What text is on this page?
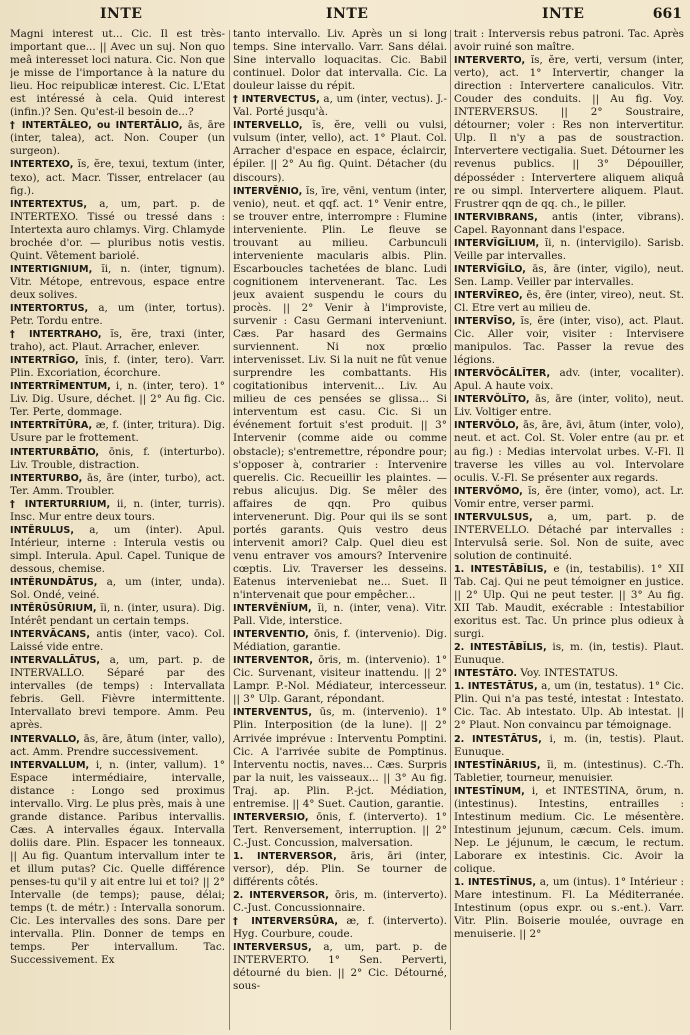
INTE	INTE	INTE	661

Magni interest ut... Cic. Il est très-important que... || Avec un suj. Non quo meâ interesset loci natura. Cic. Non que je misse de l'importance à la nature du lieu. Hoc reipublicæ interest. Cic. L'Etat est intéressé à cela. Quid interest (infin.)? Sen. Qu'est-il besoin de...?

† INTERTĀLEO, ou INTERTĀLIO, ās, āre (inter, talea), act. Non. Couper (un surgeon).

INTERTEXO, ĭs, ĕre, texui, textum (inter, texo), act. Macr. Tisser, entrelacer (au fig.).

INTERTEXTUS, a, um, part. p. de INTERTEXO. Tissé ou tressé dans : Intertexta auro chlamys. Virg. Chlamyde brochée d'or. — pluribus notis vestis. Quint. Vêtement bariolé.

INTERTIGNIUM, ĭi, n. (inter, tignum). Vitr. Métope, entrevous, espace entre deux solives.

INTERTORTUS, a, um (inter, tortus). Petr. Tordu entre.

† INTERTRAHO, ĭs, ĕre, traxi (inter, traho), act. Plaut. Arracher, enlever.

INTERTRĪGO, ĭnis, f. (inter, tero). Varr. Plin. Excoriation, écorchure.

INTERTRĪMENTUM, i, n. (inter, tero). 1° Liv. Dig. Usure, déchet. || 2° Au fig. Cic. Ter. Perte, dommage.

INTERTRĪTŪRA, æ, f. (inter, tritura). Dig. Usure par le frottement.

INTERTURBĀTIO, ōnis, f. (interturbo). Liv. Trouble, distraction.

INTERTURBO, ās, āre (inter, turbo), act. Ter. Amm. Troubler.

† INTERTURRIUM, ii, n. (inter, turris). Insc. Mur entre deux tours.

INTĔRULUS, a, um (inter). Apul. Intérieur, interne : Interula vestis ou simpl. Interula. Apul. Capel. Tunique de dessous, chemise.

INTĔRUNDĀTUS, a, um (inter, unda). Sol. Ondé, veiné.

INTĔRŬSŪRIUM, ĭi, n. (inter, usura). Dig. Intérêt pendant un certain temps.

INTERVĂCANS, antis (inter, vaco). Col. Laissé vide entre.

INTERVALLĀTUS, a, um, part. p. de INTERVALLO. Séparé par des intervalles (de temps) : Intervallata febris. Gell. Fièvre intermittente. Intervallato brevi tempore. Amm. Peu après.

INTERVALLO, ās, āre, ātum (inter, vallo), act. Amm. Prendre successivement.

INTERVALLUM, i, n. (inter, vallum). 1° Espace intermédiaire, intervalle, distance : Longo sed proximus intervallo. Virg. Le plus près, mais à une grande distance. Paribus intervallis. Cæs. A intervalles égaux. Intervalla doliis dare. Plin. Espacer les tonneaux. || Au fig. Quantum intervallum inter te et illum putas? Cic. Quelle différence penses-tu qu'il y ait entre lui et toi? || 2° Intervalle (de temps); pause, délai; temps (t. de métr.) : Intervalla sonorum. Cic. Les intervalles des sons. Dare per intervalla. Plin. Donner de temps en temps. Per intervallum. Tac. Successivement. Ex

tanto intervallo. Liv. Après un si long temps. Sine intervallo. Varr. Sans délai. Sine intervallo loquacitas. Cic. Babil continuel. Dolor dat intervalla. Cic. La douleur laisse du répit.

† INTERVECTUS, a, um (inter, vectus). J.-Val. Porté jusqu'à.

INTERVELLO, ĭs, ĕre, velli ou vulsi, vulsum (inter, vello), act. 1° Plaut. Col. Arracher d'espace en espace, éclaircir, épiler. || 2° Au fig. Quint. Détacher (du discours).

INTERVĔNIO, ĭs, īre, vēni, ventum (inter, venio), neut. et qqf. act. 1° Venir entre, se trouver entre, interrompre : Flumine interveniente. Plin. Le fleuve se trouvant au milieu. Carbunculi interveniente macularis albis. Plin. Escarboucles tachetées de blanc. Ludi cognitionem intervenerant. Tac. Les jeux avaient suspendu le cours du procès. || 2° Venir à l'improviste, survenir : Casu Germani interveniunt. Cæs. Par hasard des Germains surviennent. Ni nox prœlio intervenisset. Liv. Si la nuit ne fût venue surprendre les combattants. His cogitationibus intervenit... Liv. Au milieu de ces pensées se glissa... Si interventum est casu. Cic. Si un événement fortuit s'est produit. || 3° Intervenir (comme aide ou comme obstacle); s'entremettre, répondre pour; s'opposer à, contrarier : Intervenire querelis. Cic. Recueillir les plaintes. — rebus alicujus. Dig. Se mêler des affaires de qqn. Pro quibus intervenerunt. Dig. Pour qui ils se sont portés garants. Quis vestro deus intervenit amori? Calp. Quel dieu est venu entraver vos amours? Intervenire cœptis. Liv. Traverser les desseins. Eatenus interveniebat ne... Suet. Il n'intervenait que pour empêcher...

INTERVĔNĬUM, ĭi, n. (inter, vena). Vitr. Pall. Vide, interstice.

INTERVENTIO, ōnis, f. (intervenio). Dig. Médiation, garantie.

INTERVENTOR, ōris, m. (intervenio). 1° Cic. Survenant, visiteur inattendu. || 2° Lampr. P.-Nol. Médiateur, intercesseur. || 3° Ulp. Garant, répondant.

INTERVENTUS, ūs, m. (intervenio). 1° Plin. Interposition (de la lune). || 2° Arrivée imprévue : Interventu Pomptini. Cic. A l'arrivée subite de Pomptinus. Interventu noctis, naves... Cæs. Surpris par la nuit, les vaisseaux... || 3° Au fig. Traj. ap. Plin. P.-jct. Médiation, entremise. || 4° Suet. Caution, garantie.

INTERVERSIO, ōnis, f. (interverto). 1° Tert. Renversement, interruption. || 2° C.-Just. Concussion, malversation.

1. INTERVERSOR, āris, āri (inter, versor), dép. Plin. Se tourner de différents côtés.

2. INTERVERSOR, ōris, m. (interverto). C.-Just. Concussionnaire.

† INTERVERSŪRA, æ, f. (interverto). Hyg. Courbure, coude.

INTERVERSUS, a, um, part. p. de INTERVERTO. 1° Sen. Perverti, détourné du bien. || 2° Cic. Détourné, sous-

trait : Interversis rebus patroni. Tac. Après avoir ruiné son maître.

INTERVERTO, ĭs, ĕre, verti, versum (inter, verto), act. 1° Intervertir, changer la direction : Intervertere canaliculos. Vitr. Couder des conduits. || Au fig. Voy. INTERVERSUS. || 2° Soustraire, détourner; voler : Res non intervertitur. Ulp. Il n'y a pas de soustraction. Intervertere vectigalia. Suet. Détourner les revenus publics. || 3° Dépouiller, déposséder : Intervertere aliquem aliquâ re ou simpl. Intervertere aliquem. Plaut. Frustrer qqn de qq. ch., le piller.

INTERVIBRANS, antis (inter, vibrans). Capel. Rayonnant dans l'espace.

INTERVĬGĬLIUM, ĭi, n. (intervigilo). Sarisb. Veille par intervalles.

INTERVĬGĬLO, ās, āre (inter, vigilo), neut. Sen. Lamp. Veiller par intervalles.

INTERVĪREO, ēs, ēre (inter, vireo), neut. St. Cl. Etre vert au milieu de.

INTERVĪSO, ĭs, ĕre (inter, viso), act. Plaut. Cic. Aller voir, visiter : Intervisere manipulos. Tac. Passer la revue des légions.

INTERVŎCĀLĬTER, adv. (inter, vocaliter). Apul. A haute voix.

INTERVŎLĬTO, ās, āre (inter, volito), neut. Liv. Voltiger entre.

INTERVŎLO, ās, āre, āvi, ātum (inter, volo), neut. et act. Col. St. Voler entre (au pr. et au fig.) : Medias intervolat urbes. V.-Fl. Il traverse les villes au vol. Intervolare oculis. V.-Fl. Se présenter aux regards.

INTERVŎMO, ĭs, ĕre (inter, vomo), act. Lr. Vomir entre, verser parmi.

INTERVULSUS, a, um, part. p. de INTERVELLO. Détaché par intervalles : Intervulsâ serie. Sol. Non de suite, avec solution de continuité.

1. INTESTĀBĬLIS, e (in, testabilis). 1° XII Tab. Caj. Qui ne peut témoigner en justice. || 2° Ulp. Qui ne peut tester. || 3° Au fig. XII Tab. Maudit, exécrable : Intestabilior exoritus est. Tac. Un prince plus odieux à surgi.

2. INTESTĀBĬLIS, is, m. (in, testis). Plaut. Eunuque.

INTESTĀTO. Voy. INTESTATUS.

1. INTESTĀTUS, a, um (in, testatus). 1° Cic. Plin. Qui n'a pas testé, intestat : Intestato. Cic. Tac. Ab intestato. Ulp. Ab intestat. || 2° Plaut. Non convaincu par témoignage.

2. INTESTĀTUS, i, m. (in, testis). Plaut. Eunuque.

INTESTĪNĀRIUS, ĭi, m. (intestinus). C.-Th. Tabletier, tourneur, menuisier.

INTESTĪNUM, i, et INTESTINA, ōrum, n. (intestinus). Intestins, entrailles : Intestinum medium. Cic. Le mésentère. Intestinum jejunum, cæcum. Cels. imum. Nep. Le jéjunum, le cæcum, le rectum. Laborare ex intestinis. Cic. Avoir la colique.

1. INTESTĪNUS, a, um (intus). 1° Intérieur : Mare intestinum. Fl. La Méditerranée. Intestinum (opus expr. ou s.-ent.). Varr. Vitr. Plin. Boiserie moulée, ouvrage en menuiserie. || 2°
